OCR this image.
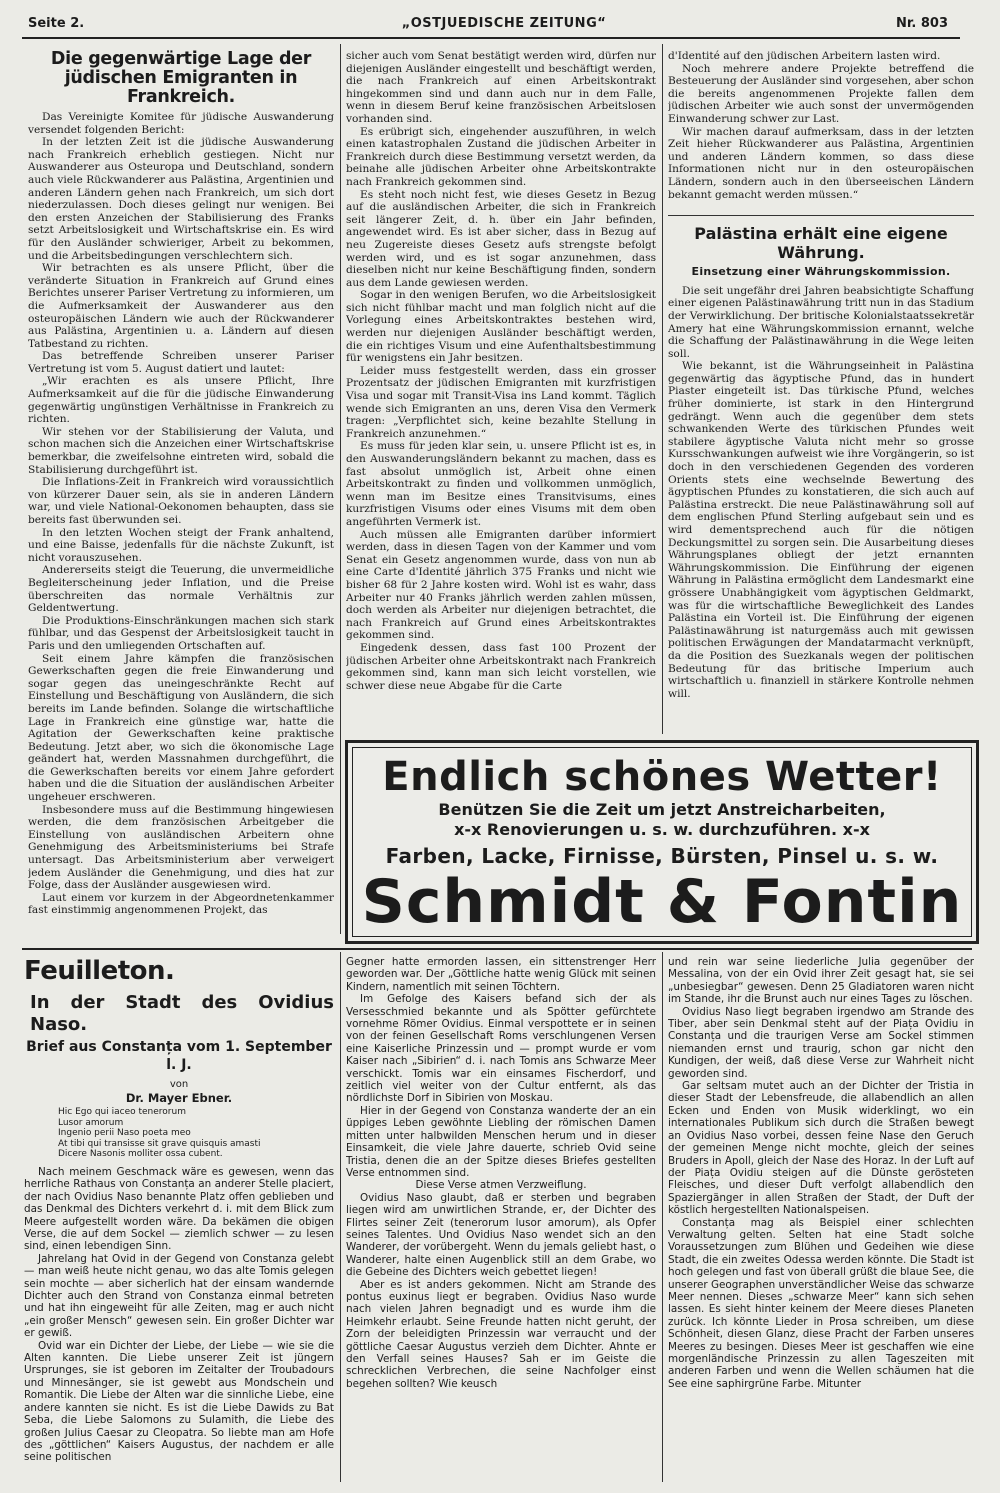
Seite 2.	„OSTJUEDISCHE ZEITUNG“	Nr. 803
Die gegenwärtige Lage der jüdischen Emigranten in Frankreich.

Das Vereinigte Komitee für jüdische Auswanderung versendet folgenden Bericht:

In der letzten Zeit ist die jüdische Auswanderung nach Frankreich erheblich gestiegen. Nicht nur Auswanderer aus Osteuropa und Deutschland, sondern auch viele Rückwanderer aus Palästina, Argentinien und anderen Ländern gehen nach Frankreich, um sich dort niederzulassen. Doch dieses gelingt nur wenigen. Bei den ersten Anzeichen der Stabilisierung des Franks setzt Arbeitslosigkeit und Wirtschaftskrise ein. Es wird für den Ausländer schwieriger, Arbeit zu bekommen, und die Arbeitsbedingungen verschlechtern sich.

Wir betrachten es als unsere Pflicht, über die veränderte Situation in Frankreich auf Grund eines Berichtes unserer Pariser Vertretung zu informieren, um die Aufmerksamkeit der Auswanderer aus den osteuropäischen Ländern wie auch der Rückwanderer aus Palästina, Argentinien u. a. Ländern auf diesen Tatbestand zu richten.

Das betreffende Schreiben unserer Pariser Vertretung ist vom 5. August datiert und lautet:

„Wir erachten es als unsere Pflicht, Ihre Aufmerksamkeit auf die für die jüdische Einwanderung gegenwärtig ungünstigen Verhältnisse in Frankreich zu richten.

Wir stehen vor der Stabilisierung der Valuta, und schon machen sich die Anzeichen einer Wirtschaftskrise bemerkbar, die zweifelsohne eintreten wird, sobald die Stabilisierung durchgeführt ist.

Die Inflations-Zeit in Frankreich wird voraussichtlich von kürzerer Dauer sein, als sie in anderen Ländern war, und viele National-Oekonomen behaupten, dass sie bereits fast überwunden sei.

In den letzten Wochen steigt der Frank anhaltend, und eine Baisse, jedenfalls für die nächste Zukunft, ist nicht vorauszusehen.

Andererseits steigt die Teuerung, die unvermeidliche Begleiterscheinung jeder Inflation, und die Preise überschreiten das normale Verhältnis zur Geldentwertung.

Die Produktions-Einschränkungen machen sich stark fühlbar, und das Gespenst der Arbeitslosigkeit taucht in Paris und den umliegenden Ortschaften auf.

Seit einem Jahre kämpfen die französischen Gewerkschaften gegen die freie Einwanderung und sogar gegen das uneingeschränkte Recht auf Einstellung und Beschäftigung von Ausländern, die sich bereits im Lande befinden. Solange die wirtschaftliche Lage in Frankreich eine günstige war, hatte die Agitation der Gewerkschaften keine praktische Bedeutung. Jetzt aber, wo sich die ökonomische Lage geändert hat, werden Massnahmen durchgeführt, die die Gewerkschaften bereits vor einem Jahre gefordert haben und die die Situation der ausländischen Arbeiter ungeheuer erschweren.

Insbesondere muss auf die Bestimmung hingewiesen werden, die dem französischen Arbeitgeber die Einstellung von ausländischen Arbeitern ohne Genehmigung des Arbeitsministeriums bei Strafe untersagt. Das Arbeitsministerium aber verweigert jedem Ausländer die Genehmigung, und dies hat zur Folge, dass der Ausländer ausgewiesen wird.

Laut einem vor kurzem in der Abgeordnetenkammer fast einstimmig angenommenen Projekt, das

sicher auch vom Senat bestätigt werden wird, dürfen nur diejenigen Ausländer eingestellt und beschäftigt werden, die nach Frankreich auf einen Arbeitskontrakt hingekommen sind und dann auch nur in dem Falle, wenn in diesem Beruf keine französischen Arbeitslosen vorhanden sind.

Es erübrigt sich, eingehender auszuführen, in welch einen katastrophalen Zustand die jüdischen Arbeiter in Frankreich durch diese Bestimmung versetzt werden, da beinahe alle jüdischen Arbeiter ohne Arbeitskontrakte nach Frankreich gekommen sind.

Es steht noch nicht fest, wie dieses Gesetz in Bezug auf die ausländischen Arbeiter, die sich in Frankreich seit längerer Zeit, d. h. über ein Jahr befinden, angewendet wird. Es ist aber sicher, dass in Bezug auf neu Zugereiste dieses Gesetz aufs strengste befolgt werden wird, und es ist sogar anzunehmen, dass dieselben nicht nur keine Beschäftigung finden, sondern aus dem Lande gewiesen werden.

Sogar in den wenigen Berufen, wo die Arbeitslosigkeit sich nicht fühlbar macht und man folglich nicht auf die Vorlegung eines Arbeitskontraktes bestehen wird, werden nur diejenigen Ausländer beschäftigt werden, die ein richtiges Visum und eine Aufenthaltsbestimmung für wenigstens ein Jahr besitzen.

Leider muss festgestellt werden, dass ein grosser Prozentsatz der jüdischen Emigranten mit kurzfristigen Visa und sogar mit Transit-Visa ins Land kommt. Täglich wende sich Emigranten an uns, deren Visa den Vermerk tragen: „Verpflichtet sich, keine bezahlte Stellung in Frankreich anzunehmen.“

Es muss für jeden klar sein, u. unsere Pflicht ist es, in den Auswanderungsländern bekannt zu machen, dass es fast absolut unmöglich ist, Arbeit ohne einen Arbeitskontrakt zu finden und vollkommen unmöglich, wenn man im Besitze eines Transitvisums, eines kurzfristigen Visums oder eines Visums mit dem oben angeführten Vermerk ist.

Auch müssen alle Emigranten darüber informiert werden, dass in diesen Tagen von der Kammer und vom Senat ein Gesetz angenommen wurde, dass von nun ab eine Carte d'Identité jährlich 375 Franks und nicht wie bisher 68 für 2 Jahre kosten wird. Wohl ist es wahr, dass Arbeiter nur 40 Franks jährlich werden zahlen müssen, doch werden als Arbeiter nur diejenigen betrachtet, die nach Frankreich auf Grund eines Arbeitskontraktes gekommen sind.

Eingedenk dessen, dass fast 100 Prozent der jüdischen Arbeiter ohne Arbeitskontrakt nach Frankreich gekommen sind, kann man sich leicht vorstellen, wie schwer diese neue Abgabe für die Carte

d'Identité auf den jüdischen Arbeitern lasten wird.

Noch mehrere andere Projekte betreffend die Besteuerung der Ausländer sind vorgesehen, aber schon die bereits angenommenen Projekte fallen dem jüdischen Arbeiter wie auch sonst der unvermögenden Einwanderung schwer zur Last.

Wir machen darauf aufmerksam, dass in der letzten Zeit hieher Rückwanderer aus Palästina, Argentinien und anderen Ländern kommen, so dass diese Informationen nicht nur in den osteuropäischen Ländern, sondern auch in den überseeischen Ländern bekannt gemacht werden müssen.“

Palästina erhält eine eigene Währung.
Einsetzung einer Währungskommission.

Die seit ungefähr drei Jahren beabsichtigte Schaffung einer eigenen Palästinawährung tritt nun in das Stadium der Verwirklichung. Der britische Kolonialstaatssekretär Amery hat eine Währungskommission ernannt, welche die Schaffung der Palästinawährung in die Wege leiten soll.

Wie bekannt, ist die Währungseinheit in Palästina gegenwärtig das ägyptische Pfund, das in hundert Piaster eingeteilt ist. Das türkische Pfund, welches früher dominierte, ist stark in den Hintergrund gedrängt. Wenn auch die gegenüber dem stets schwankenden Werte des türkischen Pfundes weit stabilere ägyptische Valuta nicht mehr so grosse Kursschwankungen aufweist wie ihre Vorgängerin, so ist doch in den verschiedenen Gegenden des vorderen Orients stets eine wechselnde Bewertung des ägyptischen Pfundes zu konstatieren, die sich auch auf Palästina erstreckt. Die neue Palästinawährung soll auf dem englischen Pfund Sterling aufgebaut sein und es wird dementsprechend auch für die nötigen Deckungsmittel zu sorgen sein. Die Ausarbeitung dieses Währungsplanes obliegt der jetzt ernannten Währungskommission. Die Einführung der eigenen Währung in Palästina ermöglicht dem Landesmarkt eine grössere Unabhängigkeit vom ägyptischen Geldmarkt, was für die wirtschaftliche Beweglichkeit des Landes Palästina ein Vorteil ist. Die Einführung der eigenen Palästinawährung ist naturgemäss auch mit gewissen politischen Erwägungen der Mandatarmacht verknüpft, da die Position des Suezkanals wegen der politischen Bedeutung für das britische Imperium auch wirtschaftlich u. finanziell in stärkere Kontrolle nehmen will.

Endlich schönes Wetter!
Benützen Sie die Zeit um jetzt Anstreicharbeiten,
x-x Renovierungen u. s. w. durchzuführen. x-x
Farben, Lacke, Firnisse, Bürsten, Pinsel u. s. w.
Schmidt & Fontin
Feuilleton.
In der Stadt des Ovidius Naso.
Brief aus Constanța vom 1. September l. J.
von
Dr. Mayer Ebner.
Hic Ego qui iaceo tenerorum
Lusor amorum
Ingenio perii Naso poeta meo
At tibi qui transisse sit grave quisquis amasti
Dicere Nasonis molliter ossa cubent.

Nach meinem Geschmack wäre es gewesen, wenn das herrliche Rathaus von Constanța an anderer Stelle placiert, der nach Ovidius Naso benannte Platz offen geblieben und das Denkmal des Dichters verkehrt d. i. mit dem Blick zum Meere aufgestellt worden wäre. Da bekämen die obigen Verse, die auf dem Sockel — ziemlich schwer — zu lesen sind, einen lebendigen Sinn.

Jahrelang hat Ovid in der Gegend von Constanza gelebt — man weiß heute nicht genau, wo das alte Tomis gelegen sein mochte — aber sicherlich hat der einsam wandernde Dichter auch den Strand von Constanza einmal betreten und hat ihn eingeweiht für alle Zeiten, mag er auch nicht „ein großer Mensch“ gewesen sein. Ein großer Dichter war er gewiß.

Ovid war ein Dichter der Liebe, der Liebe — wie sie die Alten kannten. Die Liebe unserer Zeit ist jüngern Ursprunges, sie ist geboren im Zeitalter der Troubadours und Minnesänger, sie ist gewebt aus Mondschein und Romantik. Die Liebe der Alten war die sinnliche Liebe, eine andere kannten sie nicht. Es ist die Liebe Dawids zu Bat Seba, die Liebe Salomons zu Sulamith, die Liebe des großen Julius Caesar zu Cleopatra. So liebte man am Hofe des „göttlichen“ Kaisers Augustus, der nachdem er alle seine politischen

Gegner hatte ermorden lassen, ein sittenstrenger Herr geworden war. Der „Göttliche hatte wenig Glück mit seinen Kindern, namentlich mit seinen Töchtern.

Im Gefolge des Kaisers befand sich der als Versesschmied bekannte und als Spötter gefürchtete vornehme Römer Ovidius. Einmal verspottete er in seinen von der feinen Gesellschaft Roms verschlungenen Versen eine Kaiserliche Prinzessin und — prompt wurde er vom Kaiser nach „Sibirien“ d. i. nach Tomis ans Schwarze Meer verschickt. Tomis war ein einsames Fischerdorf, und zeitlich viel weiter von der Cultur entfernt, als das nördlichste Dorf in Sibirien von Moskau.

Hier in der Gegend von Constanza wanderte der an ein üppiges Leben gewöhnte Liebling der römischen Damen mitten unter halbwilden Menschen herum und in dieser Einsamkeit, die viele Jahre dauerte, schrieb Ovid seine Tristia, denen die an der Spitze dieses Briefes gestellten Verse entnommen sind.

Diese Verse atmen Verzweiflung.

Ovidius Naso glaubt, daß er sterben und begraben liegen wird am unwirtlichen Strande, er, der Dichter des Flirtes seiner Zeit (tenerorum lusor amorum), als Opfer seines Talentes. Und Ovidius Naso wendet sich an den Wanderer, der vorübergeht. Wenn du jemals geliebt hast, o Wanderer, halte einen Augenblick still an dem Grabe, wo die Gebeine des Dichters weich gebettet liegen!

Aber es ist anders gekommen. Nicht am Strande des pontus euxinus liegt er begraben. Ovidius Naso wurde nach vielen Jahren begnadigt und es wurde ihm die Heimkehr erlaubt. Seine Freunde hatten nicht geruht, der Zorn der beleidigten Prinzessin war verraucht und der göttliche Caesar Augustus verzieh dem Dichter. Ahnte er den Verfall seines Hauses? Sah er im Geiste die schrecklichen Verbrechen, die seine Nachfolger einst begehen sollten? Wie keusch

und rein war seine liederliche Julia gegenüber der Messalina, von der ein Ovid ihrer Zeit gesagt hat, sie sei „unbesiegbar“ gewesen. Denn 25 Gladiatoren waren nicht im Stande, ihr die Brunst auch nur eines Tages zu löschen.

Ovidius Naso liegt begraben irgendwo am Strande des Tiber, aber sein Denkmal steht auf der Piața Ovidiu in Constanța und die traurigen Verse am Sockel stimmen niemanden ernst und traurig, schon gar nicht den Kundigen, der weiß, daß diese Verse zur Wahrheit nicht geworden sind.

Gar seltsam mutet auch an der Dichter der Tristia in dieser Stadt der Lebensfreude, die allabendlich an allen Ecken und Enden von Musik widerklingt, wo ein internationales Publikum sich durch die Straßen bewegt an Ovidius Naso vorbei, dessen feine Nase den Geruch der gemeinen Menge nicht mochte, gleich der seines Bruders in Apoll, gleich der Nase des Horaz. In der Luft auf der Piața Ovidiu steigen auf die Dünste gerösteten Fleisches, und dieser Duft verfolgt allabendlich den Spaziergänger in allen Straßen der Stadt, der Duft der köstlich hergestellten Nationalspeisen.

Constanța mag als Beispiel einer schlechten Verwaltung gelten. Selten hat eine Stadt solche Voraussetzungen zum Blühen und Gedeihen wie diese Stadt, die ein zweites Odessa werden könnte. Die Stadt ist hoch gelegen und fast von überall grüßt die blaue See, die unserer Geographen unverständlicher Weise das schwarze Meer nennen. Dieses „schwarze Meer“ kann sich sehen lassen. Es sieht hinter keinem der Meere dieses Planeten zurück. Ich könnte Lieder in Prosa schreiben, um diese Schönheit, diesen Glanz, diese Pracht der Farben unseres Meeres zu besingen. Dieses Meer ist geschaffen wie eine morgenländische Prinzessin zu allen Tageszeiten mit anderen Farben und wenn die Wellen schäumen hat die See eine saphirgrüne Farbe. Mitunter
